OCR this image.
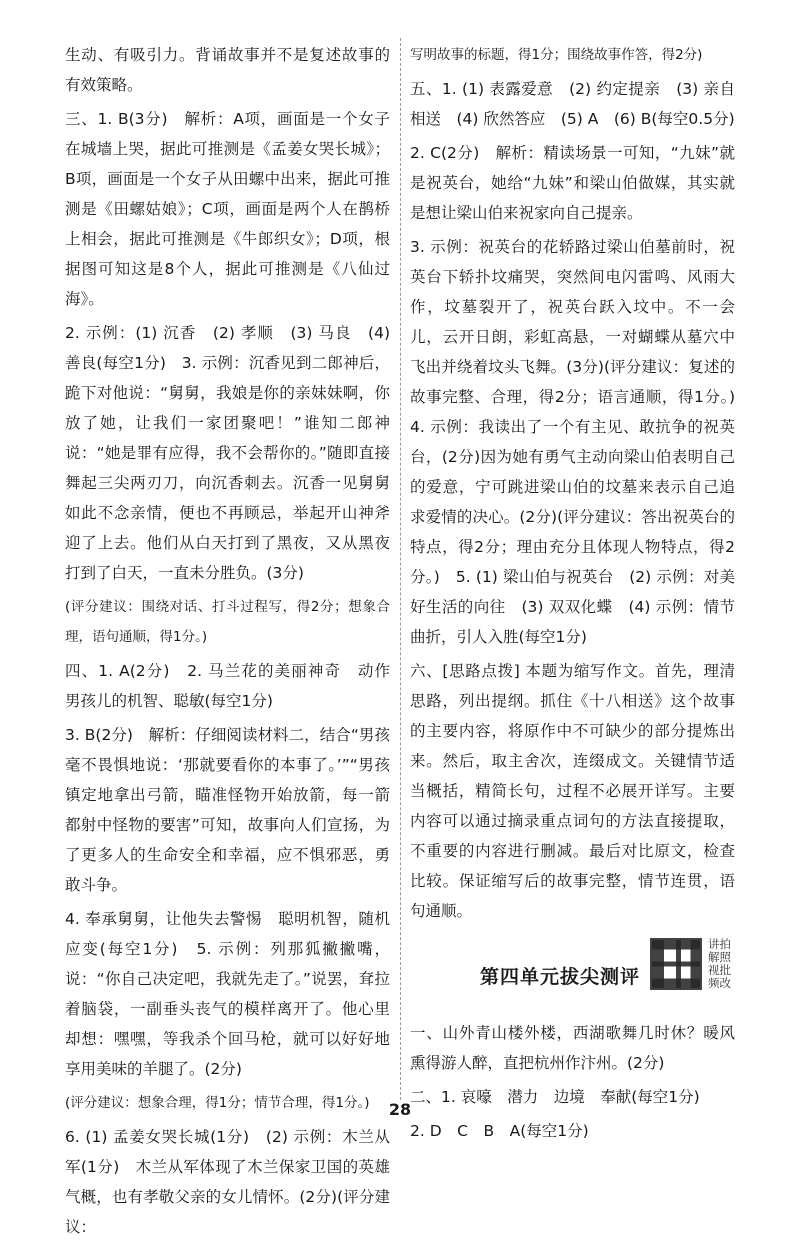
生动、有吸引力。背诵故事并不是复述故事的有效策略。

三、1. B(3分)　解析：A项，画面是一个女子在城墙上哭，据此可推测是《孟姜女哭长城》；B项，画面是一个女子从田螺中出来，据此可推测是《田螺姑娘》；C项，画面是两个人在鹊桥上相会，据此可推测是《牛郎织女》；D项，根据图可知这是8个人，据此可推测是《八仙过海》。

2. 示例：(1) 沉香　(2) 孝顺　(3) 马良　(4) 善良(每空1分)　3. 示例：沉香见到二郎神后，跪下对他说：“舅舅，我娘是你的亲妹妹啊，你放了她，让我们一家团聚吧！”谁知二郎神说：“她是罪有应得，我不会帮你的。”随即直接舞起三尖两刃刀，向沉香刺去。沉香一见舅舅如此不念亲情，便也不再顾忌，举起开山神斧迎了上去。他们从白天打到了黑夜，又从黑夜打到了白天，一直未分胜负。(3分)

(评分建议：围绕对话、打斗过程写，得2分；想象合理，语句通顺，得1分。)

四、1. A(2分)　2. 马兰花的美丽神奇　动作　男孩儿的机智、聪敏(每空1分)

3. B(2分)　解析：仔细阅读材料二，结合“男孩毫不畏惧地说：‘那就要看你的本事了。’”“男孩镇定地拿出弓箭，瞄准怪物开始放箭，每一箭都射中怪物的要害”可知，故事向人们宣扬，为了更多人的生命安全和幸福，应不惧邪恶，勇敢斗争。

4. 奉承舅舅，让他失去警惕　聪明机智，随机应变(每空1分)　5. 示例：列那狐撇撇嘴，说：“你自己决定吧，我就先走了。”说罢，耷拉着脑袋，一副垂头丧气的模样离开了。他心里却想：嘿嘿，等我杀个回马枪，就可以好好地享用美味的羊腿了。(2分)

(评分建议：想象合理，得1分；情节合理，得1分。)

6. (1) 孟姜女哭长城(1分)　(2) 示例：木兰从军(1分)　木兰从军体现了木兰保家卫国的英雄气概，也有孝敬父亲的女儿情怀。(2分)(评分建议：

写明故事的标题，得1分；围绕故事作答，得2分)

五、1. (1) 表露爱意　(2) 约定提亲　(3) 亲自相送　(4) 欣然答应　(5) A　(6) B(每空0.5分)

2. C(2分)　解析：精读场景一可知，“九妹”就是祝英台，她给“九妹”和梁山伯做媒，其实就是想让梁山伯来祝家向自己提亲。

3. 示例：祝英台的花轿路过梁山伯墓前时，祝英台下轿扑坟痛哭，突然间电闪雷鸣、风雨大作，坟墓裂开了，祝英台跃入坟中。不一会儿，云开日朗，彩虹高悬，一对蝴蝶从墓穴中飞出并绕着坟头飞舞。(3分)(评分建议：复述的故事完整、合理，得2分；语言通顺，得1分。)　4. 示例：我读出了一个有主见、敢抗争的祝英台，(2分)因为她有勇气主动向梁山伯表明自己的爱意，宁可跳进梁山伯的坟墓来表示自己追求爱情的决心。(2分)(评分建议：答出祝英台的特点，得2分；理由充分且体现人物特点，得2分。)　5. (1) 梁山伯与祝英台　(2) 示例：对美好生活的向往　(3) 双双化蝶　(4) 示例：情节曲折，引人入胜(每空1分)

六、[思路点拨] 本题为缩写作文。首先，理清思路，列出提纲。抓住《十八相送》这个故事的主要内容，将原作中不可缺少的部分提炼出来。然后，取主舍次，连缀成文。关键情节适当概括，精简长句，过程不必展开详写。主要内容可以通过摘录重点词句的方法直接提取，不重要的内容进行删减。最后对比原文，检查比较。保证缩写后的故事完整，情节连贯，语句通顺。

第四单元拔尖测评
讲拍解照视批频改

一、山外青山楼外楼，西湖歌舞几时休？暖风熏得游人醉，直把杭州作汴州。(2分)

二、1. 哀嚎　潜力　边境　奉献(每空1分)

2. D　C　B　A(每空1分)

28
